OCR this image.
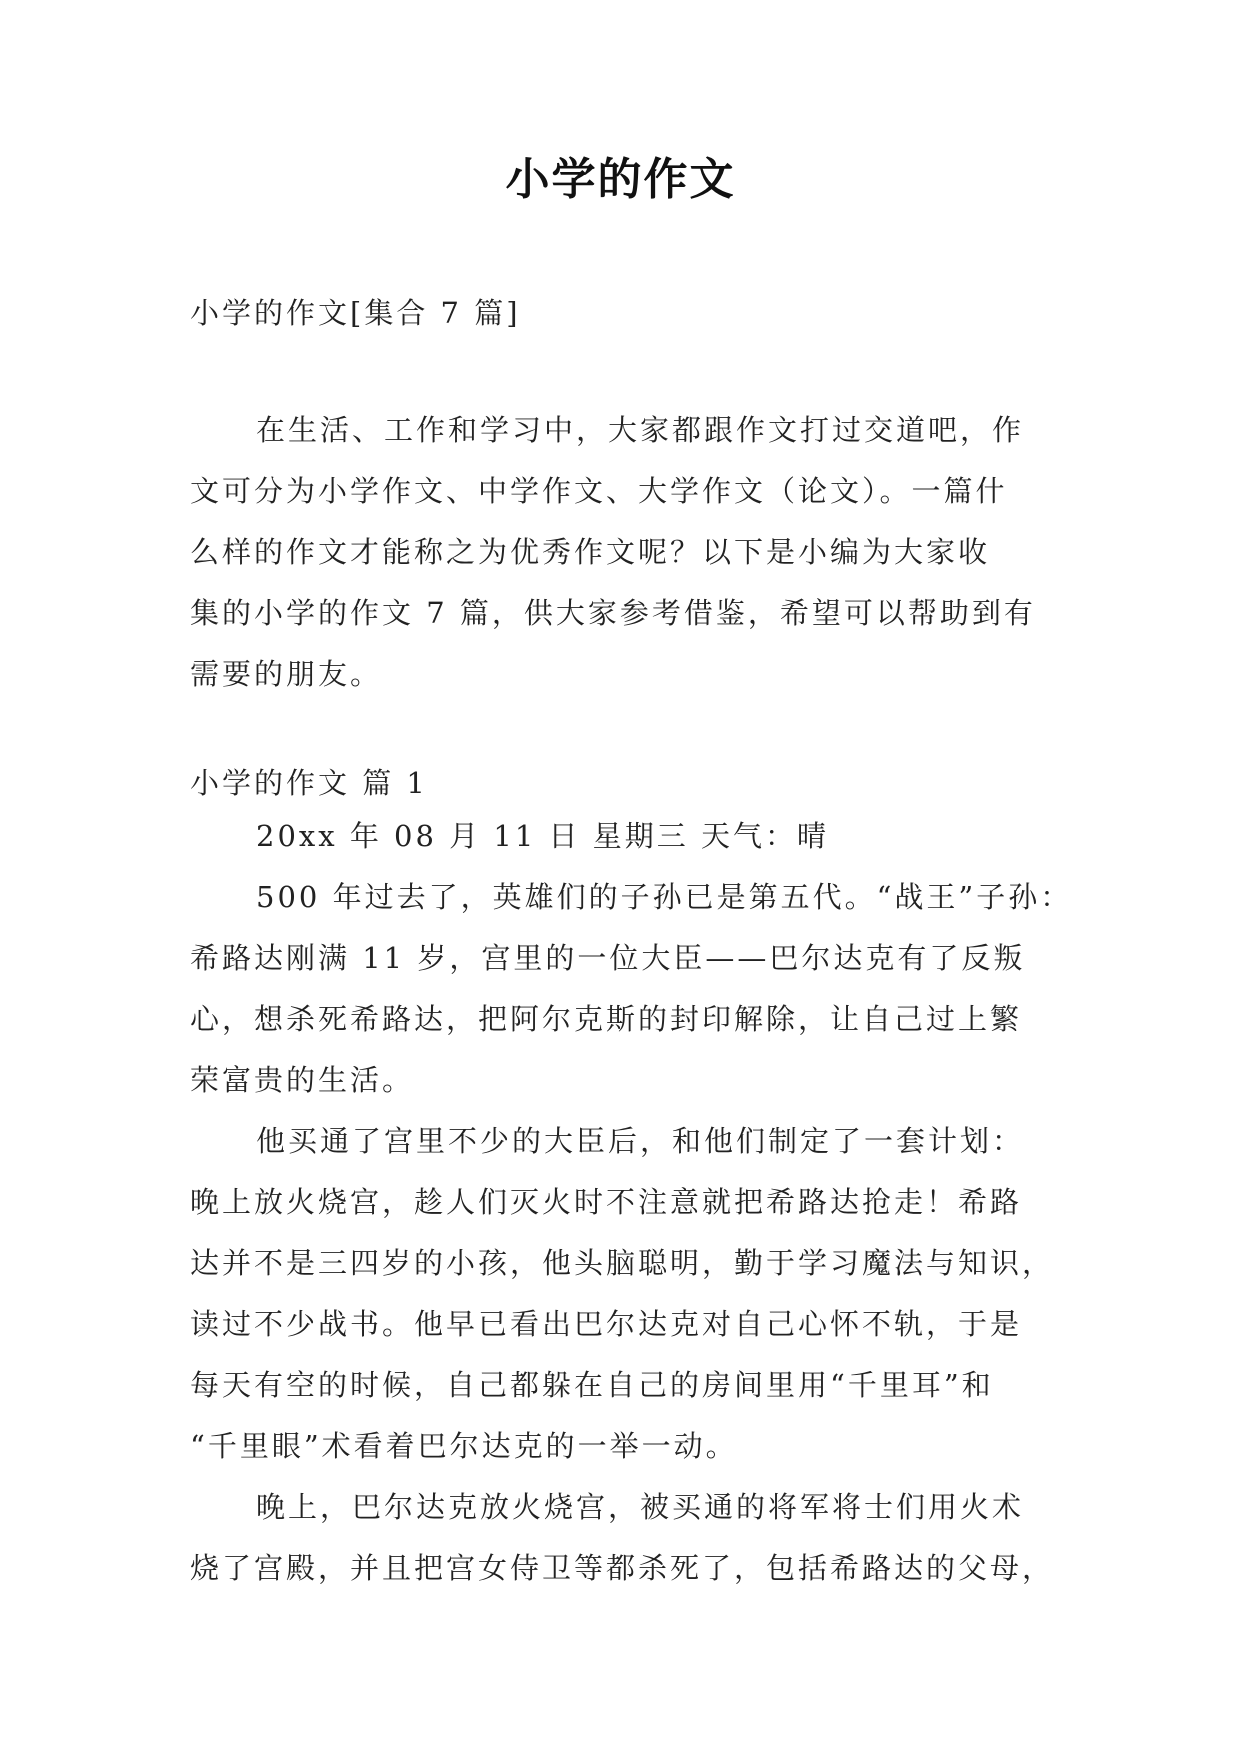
小学的作文
小学的作文[集合 7 篇]
在生活、工作和学习中，大家都跟作文打过交道吧，作
文可分为小学作文、中学作文、大学作文（论文）。一篇什
么样的作文才能称之为优秀作文呢？以下是小编为大家收
集的小学的作文 7 篇，供大家参考借鉴，希望可以帮助到有
需要的朋友。
小学的作文 篇 1
20xx 年 08 月 11 日 星期三 天气：晴
500 年过去了，英雄们的子孙已是第五代。“战王”子孙：
希路达刚满 11 岁，宫里的一位大臣——巴尔达克有了反叛
心，想杀死希路达，把阿尔克斯的封印解除，让自己过上繁
荣富贵的生活。
他买通了宫里不少的大臣后，和他们制定了一套计划：
晚上放火烧宫，趁人们灭火时不注意就把希路达抢走！希路
达并不是三四岁的小孩，他头脑聪明，勤于学习魔法与知识，
读过不少战书。他早已看出巴尔达克对自己心怀不轨，于是
每天有空的时候，自己都躲在自己的房间里用“千里耳”和
“千里眼”术看着巴尔达克的一举一动。
晚上，巴尔达克放火烧宫，被买通的将军将士们用火术
烧了宫殿，并且把宫女侍卫等都杀死了，包括希路达的父母，
